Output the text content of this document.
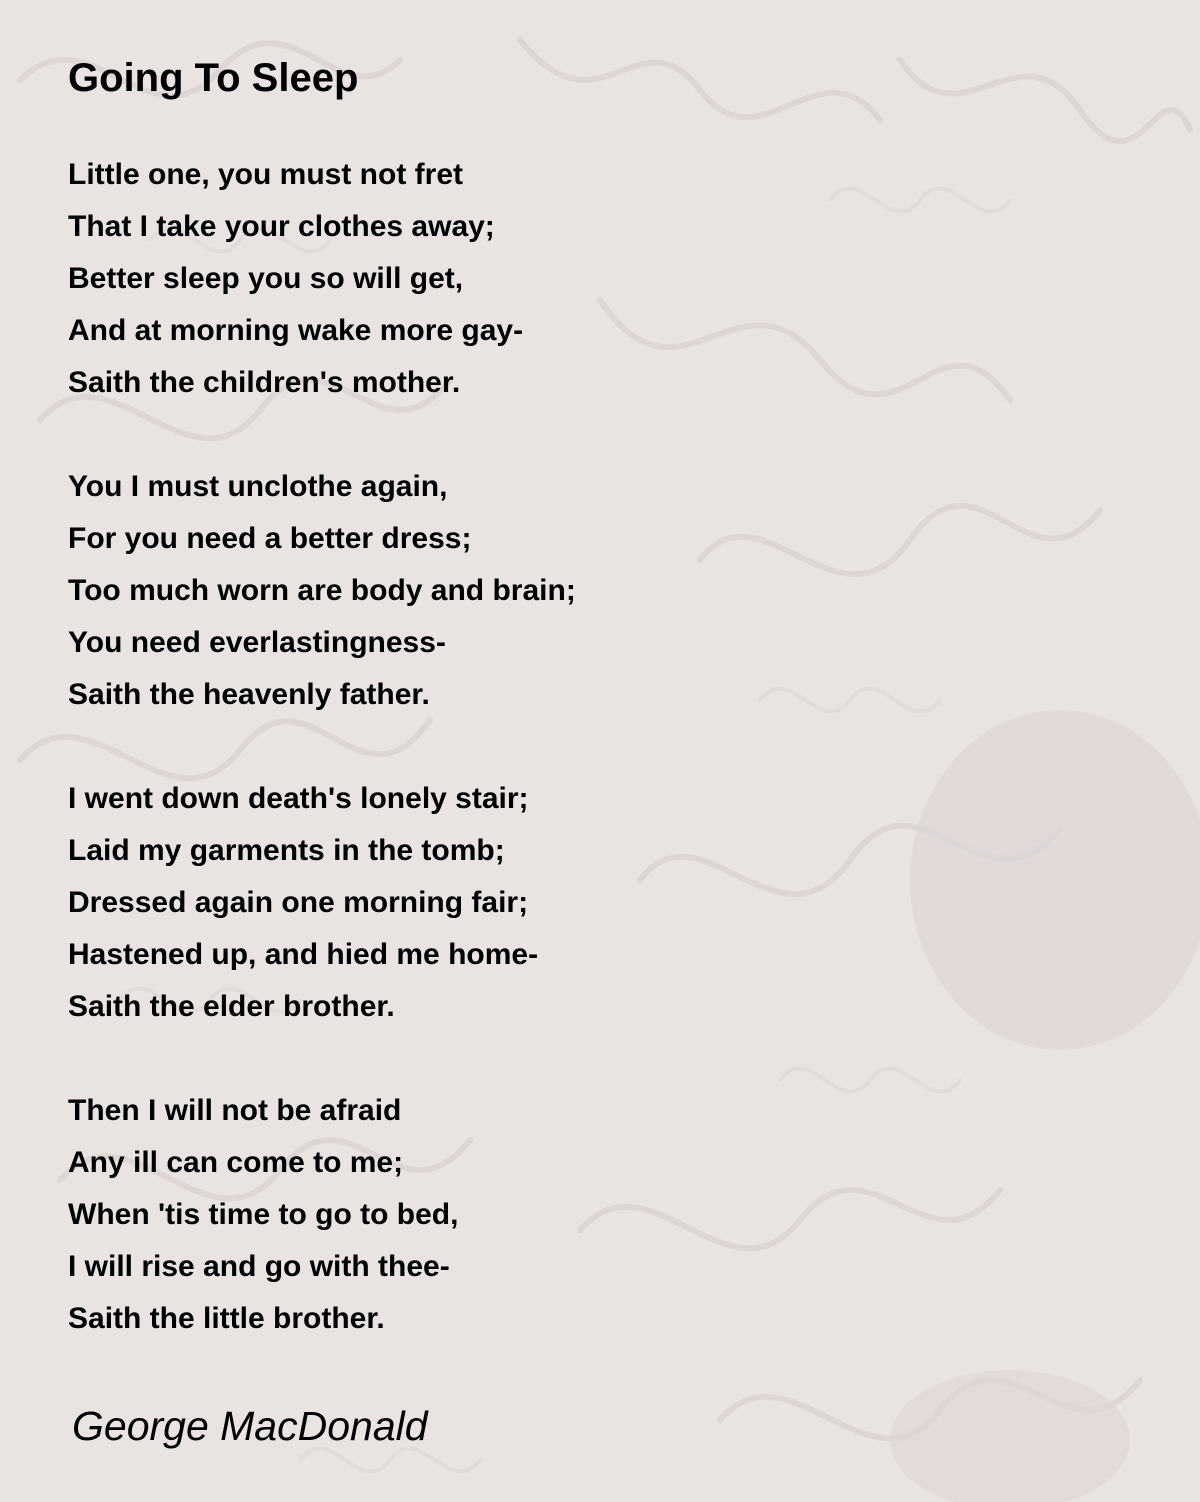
Going To Sleep
Little one, you must not fret
That I take your clothes away;
Better sleep you so will get,
And at morning wake more gay-
Saith the children's mother.
You I must unclothe again,
For you need a better dress;
Too much worn are body and brain;
You need everlastingness-
Saith the heavenly father.
I went down death's lonely stair;
Laid my garments in the tomb;
Dressed again one morning fair;
Hastened up, and hied me home-
Saith the elder brother.
Then I will not be afraid
Any ill can come to me;
When 'tis time to go to bed,
I will rise and go with thee-
Saith the little brother.

George MacDonald
